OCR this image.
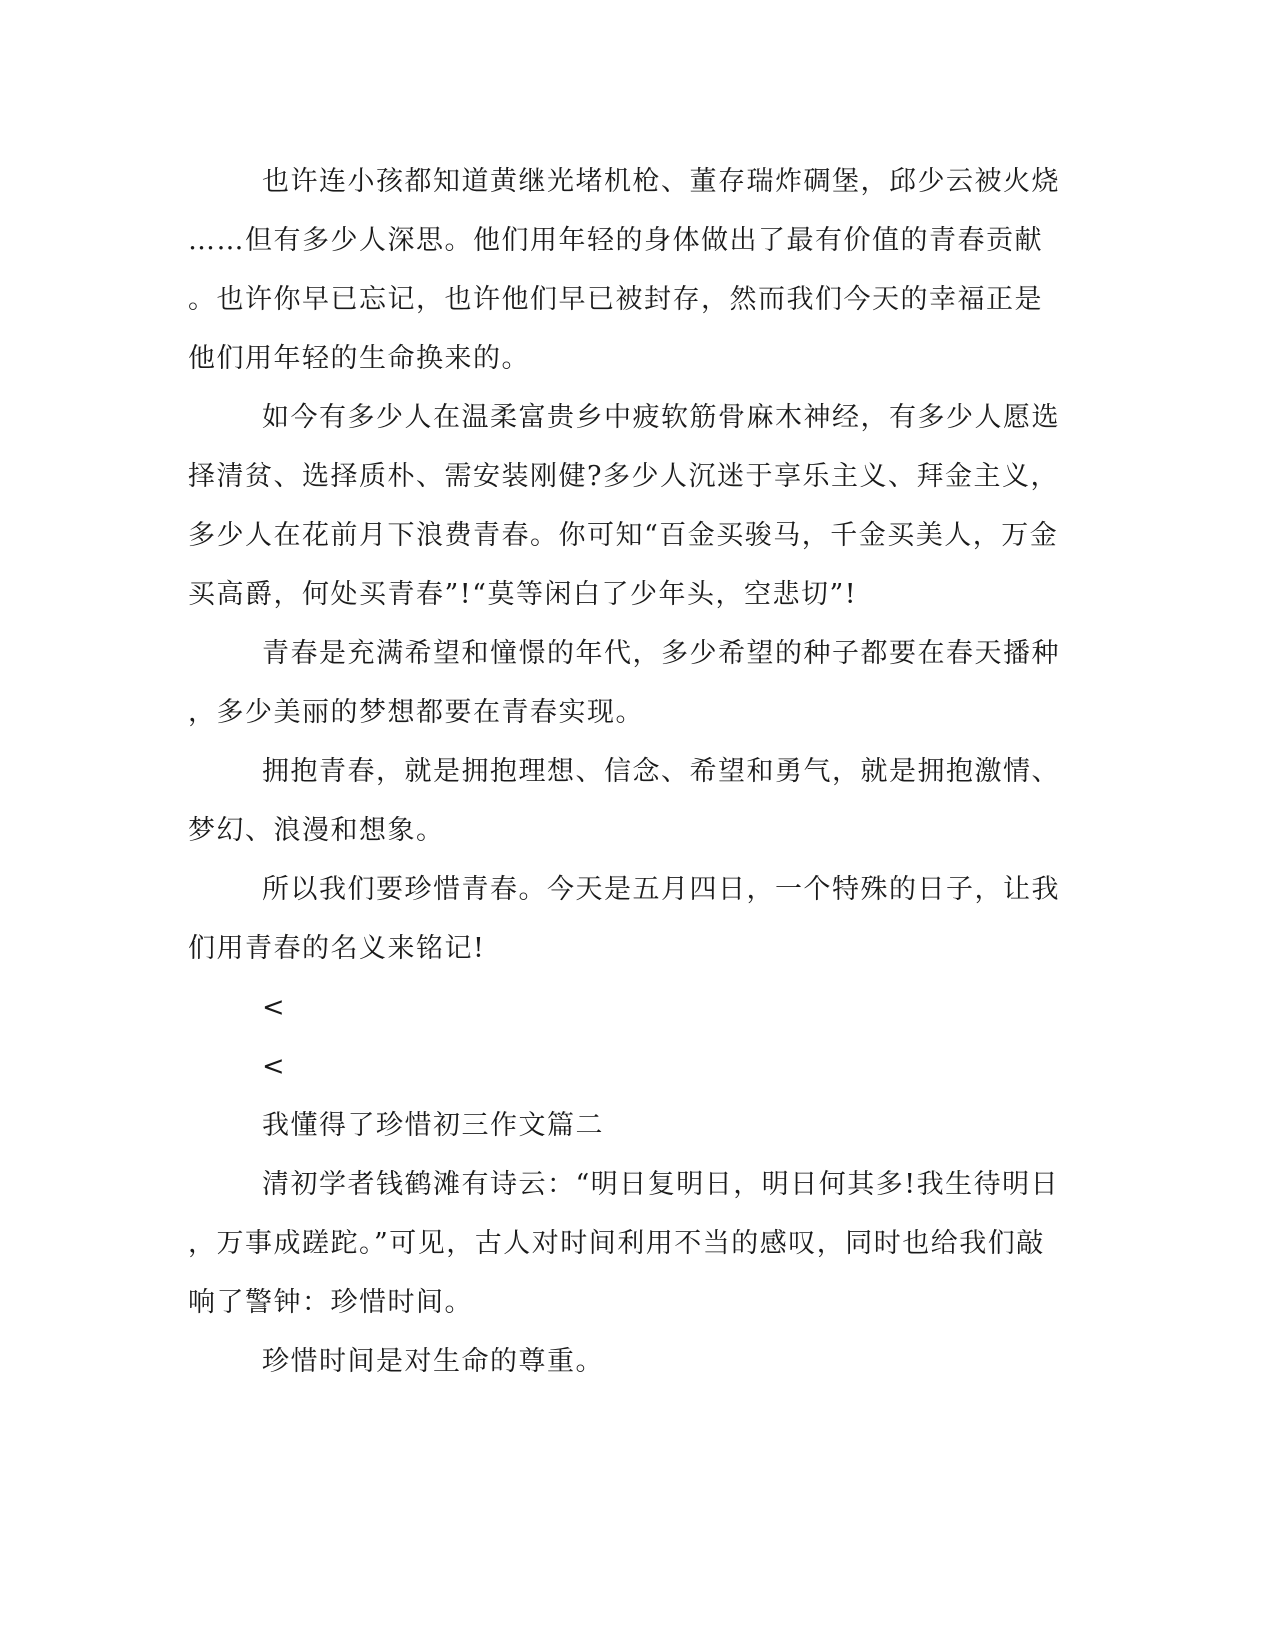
也许连小孩都知道黄继光堵机枪、董存瑞炸碉堡，邱少云被火烧
……但有多少人深思。他们用年轻的身体做出了最有价值的青春贡献
。也许你早已忘记，也许他们早已被封存，然而我们今天的幸福正是
他们用年轻的生命换来的。
如今有多少人在温柔富贵乡中疲软筋骨麻木神经，有多少人愿选
择清贫、选择质朴、需安装刚健?多少人沉迷于享乐主义、拜金主义，
多少人在花前月下浪费青春。你可知“百金买骏马，千金买美人，万金
买高爵，何处买青春”!“莫等闲白了少年头，空悲切”!
青春是充满希望和憧憬的年代，多少希望的种子都要在春天播种
，多少美丽的梦想都要在青春实现。
拥抱青春，就是拥抱理想、信念、希望和勇气，就是拥抱激情、
梦幻、浪漫和想象。
所以我们要珍惜青春。今天是五月四日，一个特殊的日子，让我
们用青春的名义来铭记!
<
<
我懂得了珍惜初三作文篇二
清初学者钱鹤滩有诗云：“明日复明日，明日何其多!我生待明日
，万事成蹉跎。”可见，古人对时间利用不当的感叹，同时也给我们敲
响了警钟：珍惜时间。
珍惜时间是对生命的尊重。
